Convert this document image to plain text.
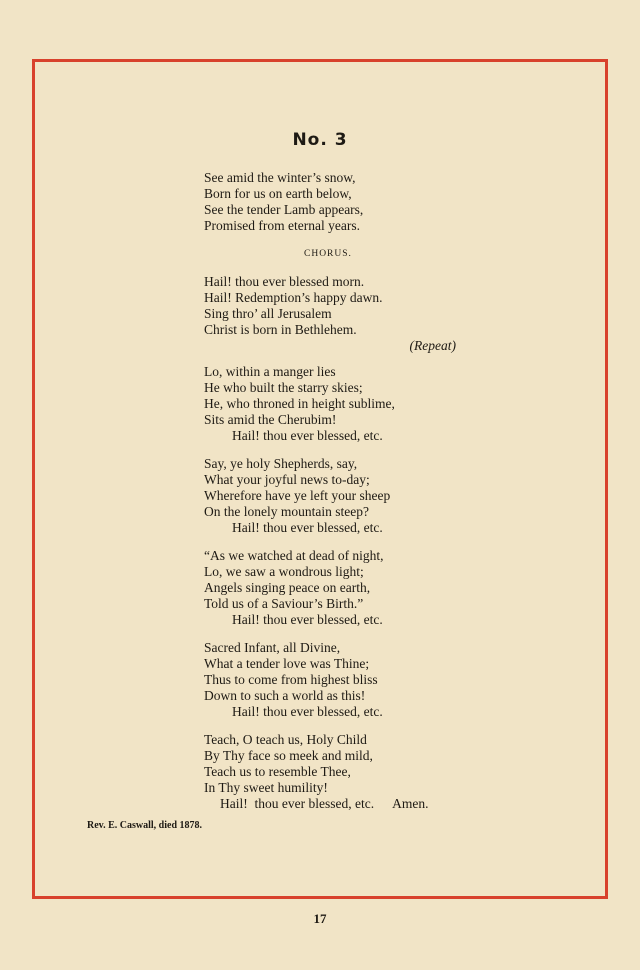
No. 3
See amid the winter’s snow,
Born for us on earth below,
See the tender Lamb appears,
Promised from eternal years.
CHORUS.
Hail! thou ever blessed morn.
Hail! Redemption’s happy dawn.
Sing thro’ all Jerusalem
Christ is born in Bethlehem.
(Repeat)
Lo, within a manger lies
He who built the starry skies;
He, who throned in height sublime,
Sits amid the Cherubim!
Hail! thou ever blessed, etc.
Say, ye holy Shepherds, say,
What your joyful news to-day;
Wherefore have ye left your sheep
On the lonely mountain steep?
Hail! thou ever blessed, etc.
“As we watched at dead of night,
Lo, we saw a wondrous light;
Angels singing peace on earth,
Told us of a Saviour’s Birth.”
Hail! thou ever blessed, etc.
Sacred Infant, all Divine,
What a tender love was Thine;
Thus to come from highest bliss
Down to such a world as this!
Hail! thou ever blessed, etc.
Teach, O teach us, Holy Child
By Thy face so meek and mild,
Teach us to resemble Thee,
In Thy sweet humility!
Hail!  thou ever blessed, etc. Amen.
Rev. E. Caswall, died 1878.
17
